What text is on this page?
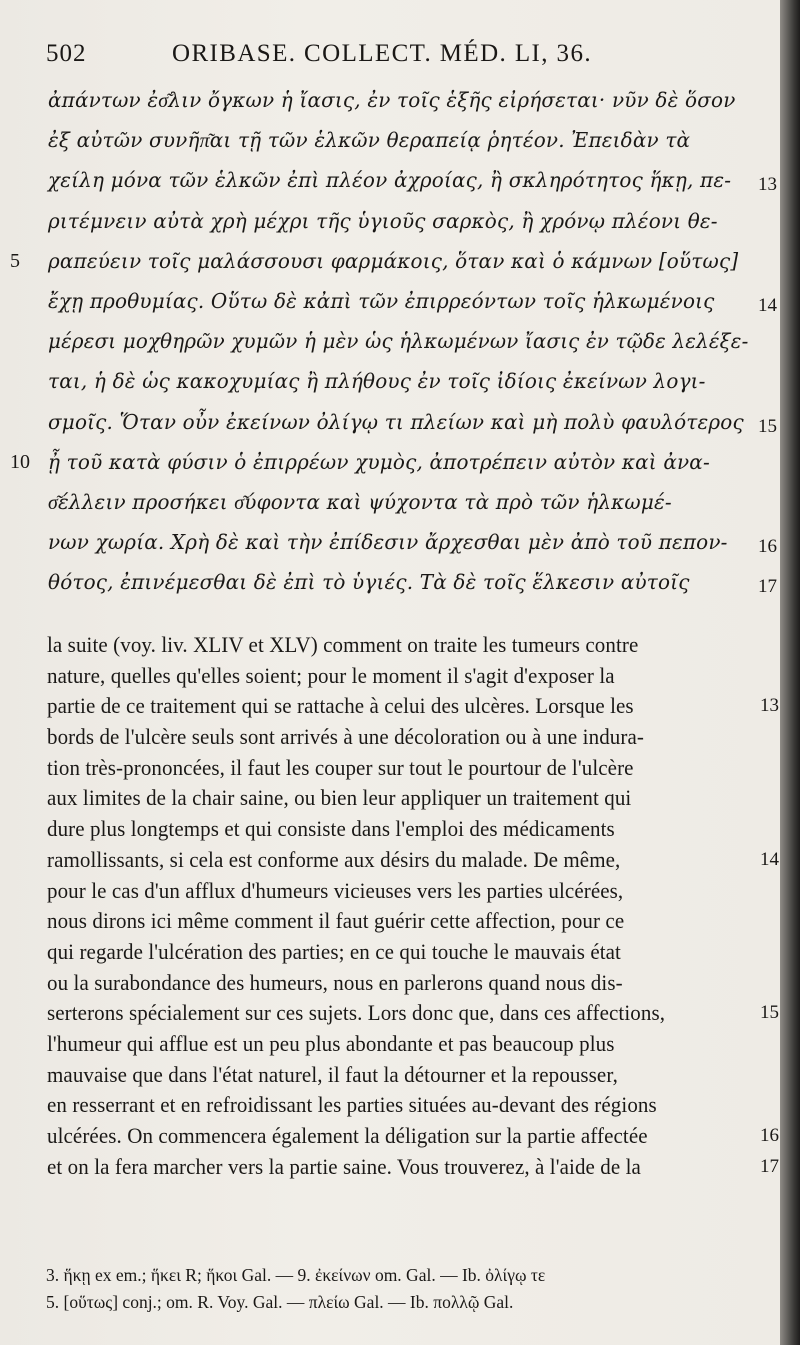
502	ORIBASE. COLLECT. MÉD. LI, 36.
ἀπάντων ἐσ͂λιν ὄγκων ἡ ἴασις, ἐν τοῖς ἑξῆς εἰρήσεται· νῦν δὲ ὅσον
ἐξ αὐτῶν συνῆπ͂αι τῇ τῶν ἑλκῶν θεραπείᾳ ῥητέον. Ἐπειδὰν τὰ
χείλη μόνα τῶν ἑλκῶν ἐπὶ πλέον ἀχροίας, ἢ σκληρότητος ἥκῃ, πε-
ριτέμνειν αὐτὰ χρὴ μέχρι τῆς ὑγιοῦς σαρκὸς, ἢ χρόνῳ πλέονι θε-
ραπεύειν τοῖς μαλάσσουσι φαρμάκοις, ὅταν καὶ ὁ κάμνων [οὕτως]
ἔχῃ προθυμίας. Οὕτω δὲ κἀπὶ τῶν ἐπιρρεόντων τοῖς ἡλκωμένοις
μέρεσι μοχθηρῶν χυμῶν ἡ μὲν ὡς ἡλκωμένων ἴασις ἐν τῷδε λελέξε-
ται, ἡ δὲ ὡς κακοχυμίας ἢ πλήθους ἐν τοῖς ἰδίοις ἐκείνων λογι-
σμοῖς. Ὅταν οὖν ἐκείνων ὀλίγῳ τι πλείων καὶ μὴ πολὺ φαυλότερος
ᾖ τοῦ κατὰ φύσιν ὁ ἐπιρρέων χυμὸς, ἀποτρέπειν αὐτὸν καὶ ἀνα-
σ͂έλλειν προσήκει σ͂ύφοντα καὶ ψύχοντα τὰ πρὸ τῶν ἡλκωμέ-
νων χωρία. Χρὴ δὲ καὶ τὴν ἐπίδεσιν ἄρχεσθαι μὲν ἀπὸ τοῦ πεπον-
θότος, ἐπινέμεσθαι δὲ ἐπὶ τὸ ὑγιές. Τὰ δὲ τοῖς ἕλκεσιν αὐτοῖς
5
10
13
14
15
16
17
la suite (voy. liv. XLIV et XLV) comment on traite les tumeurs contre
nature, quelles qu'elles soient; pour le moment il s'agit d'exposer la
partie de ce traitement qui se rattache à celui des ulcères. Lorsque les
bords de l'ulcère seuls sont arrivés à une décoloration ou à une indura-
tion très-prononcées, il faut les couper sur tout le pourtour de l'ulcère
aux limites de la chair saine, ou bien leur appliquer un traitement qui
dure plus longtemps et qui consiste dans l'emploi des médicaments
ramollissants, si cela est conforme aux désirs du malade. De même,
pour le cas d'un afflux d'humeurs vicieuses vers les parties ulcérées,
nous dirons ici même comment il faut guérir cette affection, pour ce
qui regarde l'ulcération des parties; en ce qui touche le mauvais état
ou la surabondance des humeurs, nous en parlerons quand nous dis-
serterons spécialement sur ces sujets. Lors donc que, dans ces affections,
l'humeur qui afflue est un peu plus abondante et pas beaucoup plus
mauvaise que dans l'état naturel, il faut la détourner et la repousser,
en resserrant et en refroidissant les parties situées au-devant des régions
ulcérées. On commencera également la déligation sur la partie affectée
et on la fera marcher vers la partie saine. Vous trouverez, à l'aide de la
13
14
15
16
17
3. ἥκῃ ex em.; ἥκει R; ἥκοι Gal. — 9. ἐκείνων om. Gal. — Ib. ὀλίγῳ τε
5. [οὕτως] conj.; om. R. Voy. Gal. — πλείω Gal. — Ib. πολλῷ Gal.
